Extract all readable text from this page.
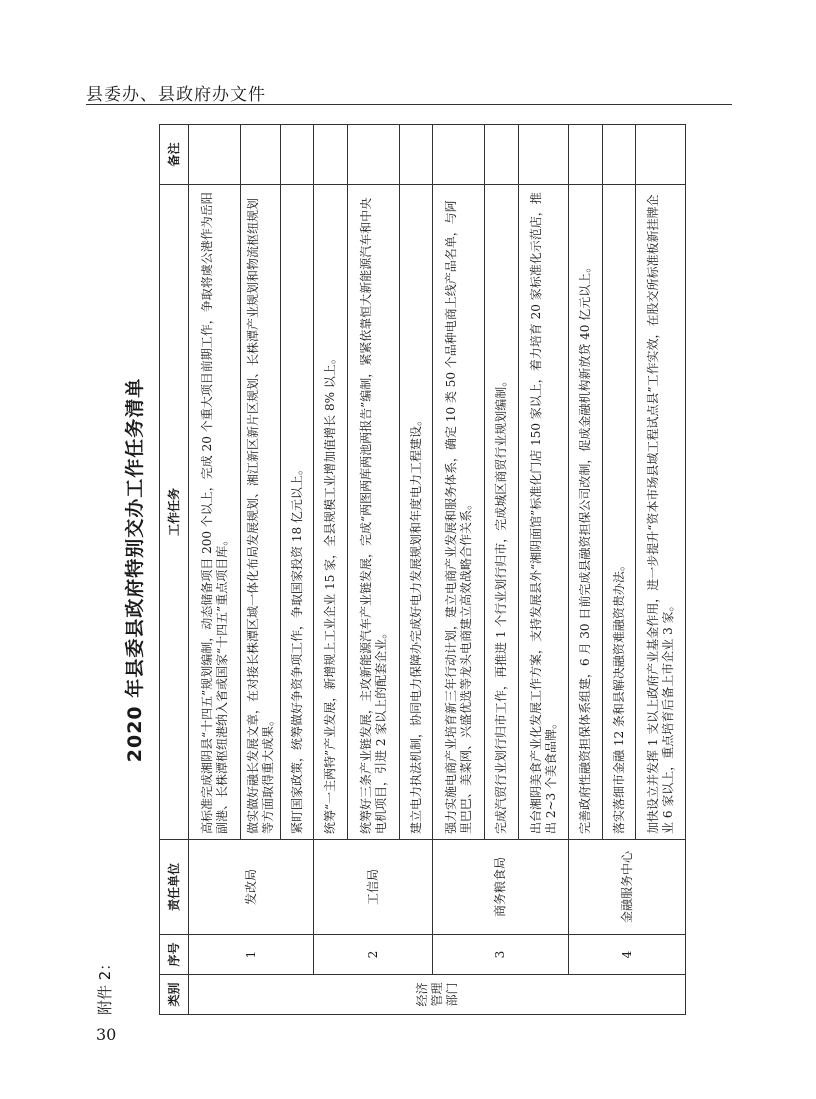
县委办、县政府办文件
30
附件 2：
2020 年县委县政府特别交办工作任务清单
类别	序号	责任单位	工作任务	备注
经济管理部门	1	发改局	高标准完成湘阴县“十四五”规划编制，动态储备项目 200 个以上，完成 20 个重大项目前期工作，争取将虞公港作为岳阳副港、长株潭枢纽港纳入省或国家“十四五”重点项目库。	
			做实做好融长发展文章，在对接长株潭区域一体化布局发展规划、湘江新区新片区规划、长株潭产业规划和物流枢纽规划等方面取得重大成果。	
			紧盯国家政策，统筹做好争资争项工作，争取国家投资 18 亿元以上。	
	2	工信局	统筹“一主两特”产业发展，新增规上工业企业 15 家，全县规模工业增加值增长 8% 以上。	
			统筹好三条产业链发展，主攻新能源汽车产业链发展，完成“两图两库两池两报告”编制，紧紧依靠恒大新能源汽车和中央电机项目，引进 2 家以上的配套企业。	
			建立电力执法机制，协同电力保障办完成好电力发展规划和年度电力工程建设。	
	3	商务粮食局	强力实施电商产业培育新三年行动计划，建立电商产业发展和服务体系，确定 10 类 50 个品种电商上线产品名单，与阿里巴巴、美菜网、兴盛优选等龙头电商建立高效战略合作关系。	
			完成汽贸行业划行归市工作，再推进 1 个行业划行归市，完成城区商贸行业规划编制。	
			出台湘阴美食产业化发展工作方案，支持发展县外“湘阴面馆”标准化门店 150 家以上，着力培育 20 家标准化示范店，推出 2~3 个美食品牌。	
	4	金融服务中心	完善政府性融资担保体系组建，6 月 30 日前完成县融资担保公司改制，促成金融机构新放贷 40 亿元以上。	
			落实落细市金融 12 条和县解决融资难融资贵办法。	
			加快设立并发挥 1 支以上政府产业基金作用，进一步提升“资本市场县域工程试点县”工作实效，在股交所标准板新挂牌企业 6 家以上，重点培育后备上市企业 3 家。	
